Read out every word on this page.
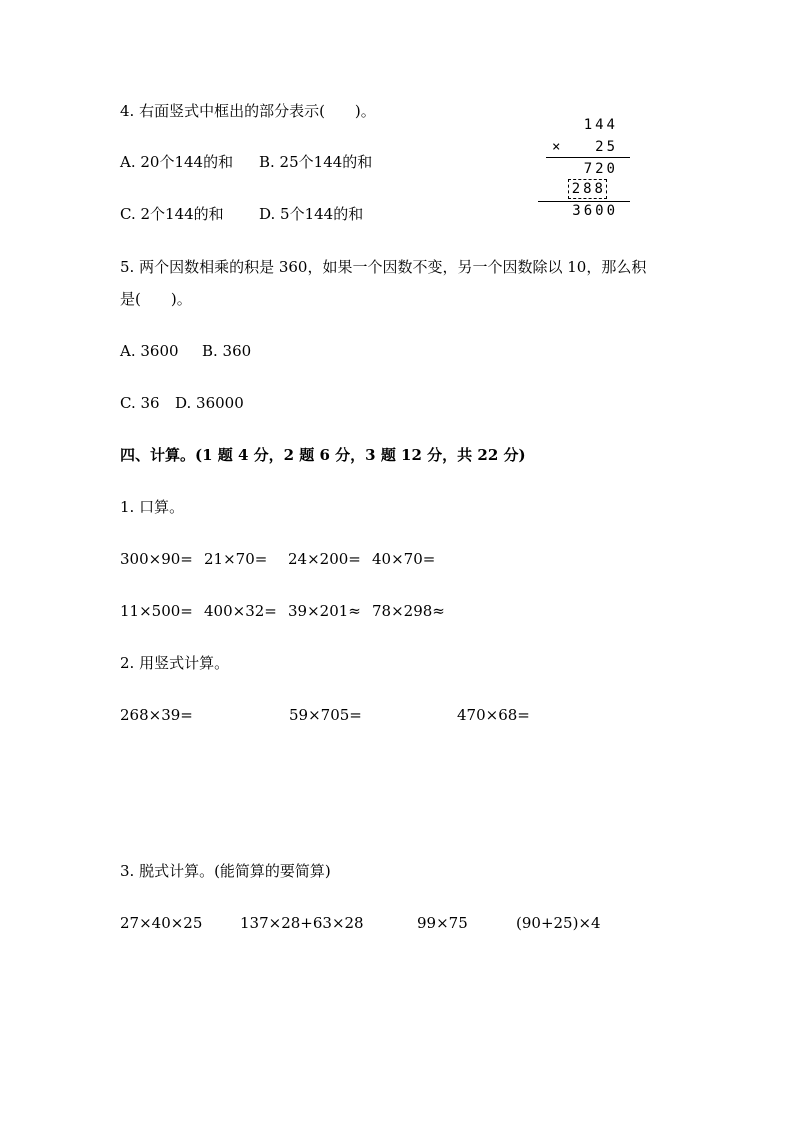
4. 右面竖式中框出的部分表示(　　)。

A. 20个144的和

B. 25个144的和

C. 2个144的和

D. 5个144的和

144
× 25
720
288
3600
5. 两个因数相乘的积是 360，如果一个因数不变，另一个因数除以 10，那么积
是(　　)。

A. 3600

B. 360

C. 36

D. 36000

四、计算。(1 题 4 分，2 题 6 分，3 题 12 分，共 22 分)
1. 口算。

300×90=

21×70=

24×200=

40×70=

11×500=

400×32=

39×201≈

78×298≈

2. 用竖式计算。

268×39=

	59×705=

	470×68=

3. 脱式计算。(能简算的要简算)

27×40×25

	137×28+63×28

	99×75

	(90+25)×4
